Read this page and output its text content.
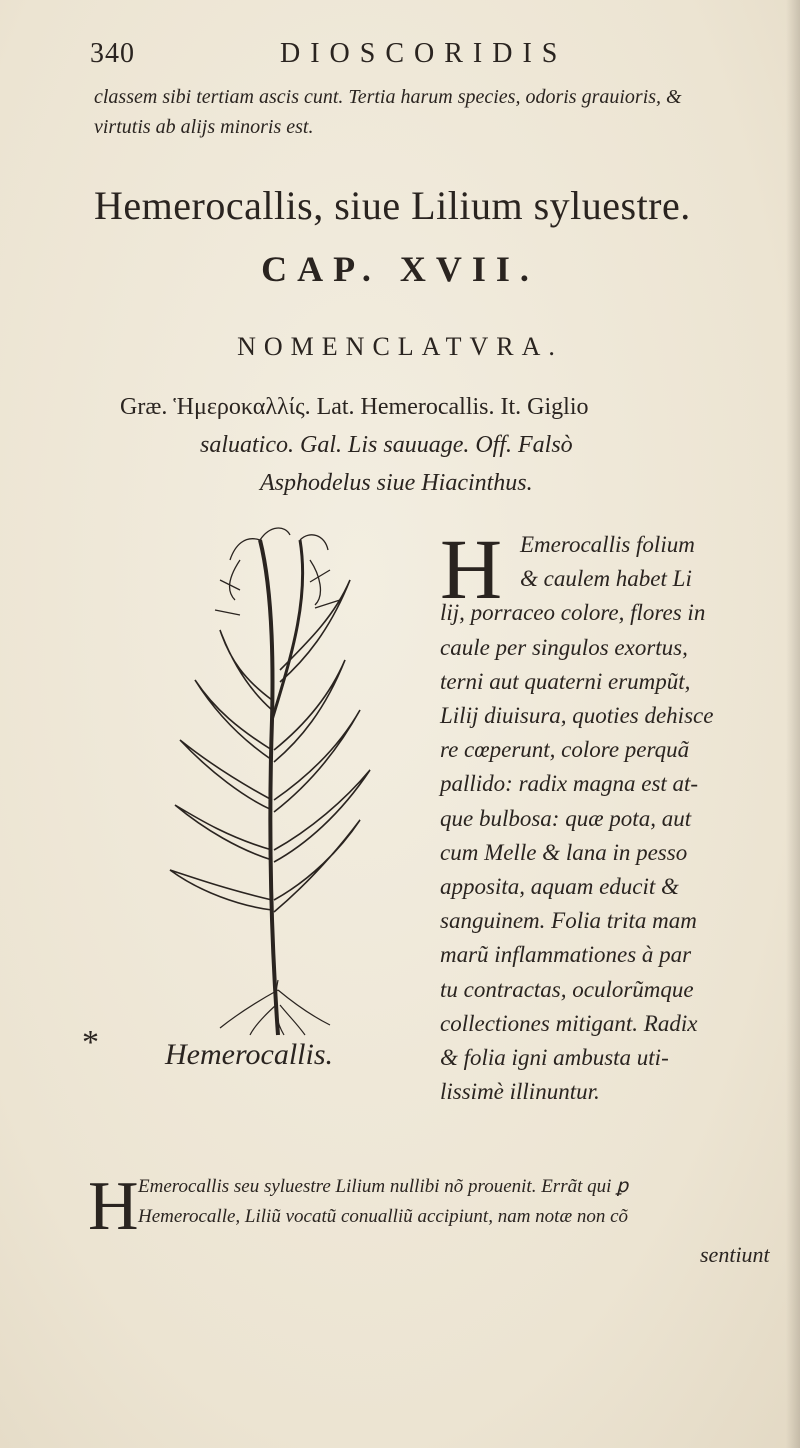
340	DIOSCORIDIS
classem sibi tertiam ascis cunt. Tertia harum species, odoris grauioris, &
virtutis ab alijs minoris est.
Hemerocallis, siue Lilium syluestre.
CAP. XVII.
NOMENCLATVRA.
Græ. Ἡμεροκαλλίς. Lat. Hemerocallis. It. Giglio
saluatico. Gal. Lis sauuage. Off. Falsò
Asphodelus siue Hiacinthus.
* Hemerocallis.
H Emerocallis folium
& caulem habet Li
lij, porraceo colore, flores in
caule per singulos exortus,
terni aut quaterni erumpũt,
Lilij diuisura, quoties dehisce
re cœperunt, colore perquã
pallido: radix magna est at-
que bulbosa: quæ pota, aut
cum Melle & lana in pesso
apposita, aquam educit &
sanguinem. Folia trita mam
marũ inflammationes à par
tu contractas, oculorũmque
collectiones mitigant. Radix
& folia igni ambusta uti-
lissimè illinuntur.
H Emerocallis seu syluestre Lilium nullibi nõ prouenit. Errãt qui ꝑ
Hemerocalle, Liliũ vocatũ conualliũ accipiunt, nam notæ non cõ
sentiunt
